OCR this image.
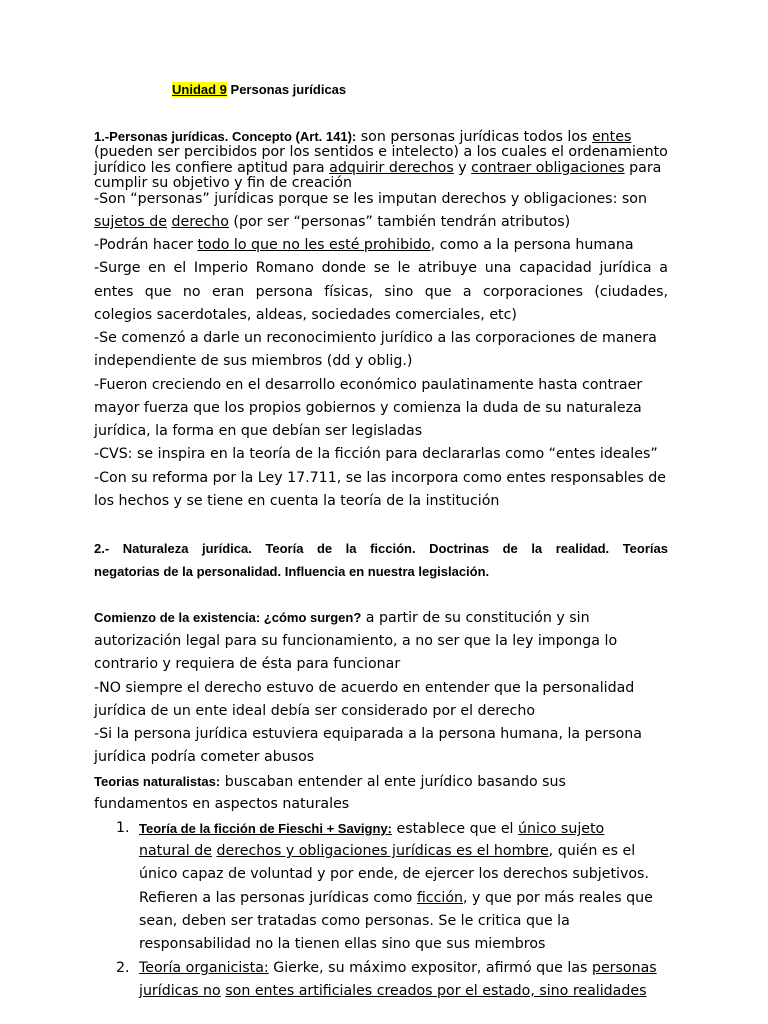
Unidad 9 Personas jurídicas
1.-Personas jurídicas. Concepto (Art. 141): son personas jurídicas todos los entes
(pueden ser percibidos por los sentidos e intelecto) a los cuales el ordenamiento
jurídico les confiere aptitud para adquirir derechos y contraer obligaciones para
cumplir su objetivo y fin de creación
-Son “personas” jurídicas porque se les imputan derechos y obligaciones: son
sujetos de derecho (por ser “personas” también tendrán atributos)
-Podrán hacer todo lo que no les esté prohibido, como a la persona humana
-Surge en el Imperio Romano donde se le atribuye una capacidad jurídica a
entes que no eran persona físicas, sino que a corporaciones (ciudades,
colegios sacerdotales, aldeas, sociedades comerciales, etc)
-Se comenzó a darle un reconocimiento jurídico a las corporaciones de manera
independiente de sus miembros (dd y oblig.)
-Fueron creciendo en el desarrollo económico paulatinamente hasta contraer
mayor fuerza que los propios gobiernos y comienza la duda de su naturaleza
jurídica, la forma en que debían ser legisladas
-CVS: se inspira en la teoría de la ficción para declararlas como “entes ideales”
-Con su reforma por la Ley 17.711, se las incorpora como entes responsables de
los hechos y se tiene en cuenta la teoría de la institución
2.- Naturaleza jurídica. Teoría de la ficción. Doctrinas de la realidad. Teorías
negatorias de la personalidad. Influencia en nuestra legislación.
Comienzo de la existencia: ¿cómo surgen? a partir de su constitución y sin
autorización legal para su funcionamiento, a no ser que la ley imponga lo
contrario y requiera de ésta para funcionar
-NO siempre el derecho estuvo de acuerdo en entender que la personalidad
jurídica de un ente ideal debía ser considerado por el derecho
-Si la persona jurídica estuviera equiparada a la persona humana, la persona
jurídica podría cometer abusos
Teorias naturalistas: buscaban entender al ente jurídico basando sus
fundamentos en aspectos naturales
1. Teoría de la ficción de Fieschi + Savigny: establece que el único sujeto
natural de derechos y obligaciones jurídicas es el hombre, quién es el
único capaz de voluntad y por ende, de ejercer los derechos subjetivos.
Refieren a las personas jurídicas como ficción, y que por más reales que
sean, deben ser tratadas como personas. Se le critica que la
responsabilidad no la tienen ellas sino que sus miembros
2. Teoría organicista: Gierke, su máximo expositor, afirmó que las personas
jurídicas no son entes artificiales creados por el estado, sino realidades
